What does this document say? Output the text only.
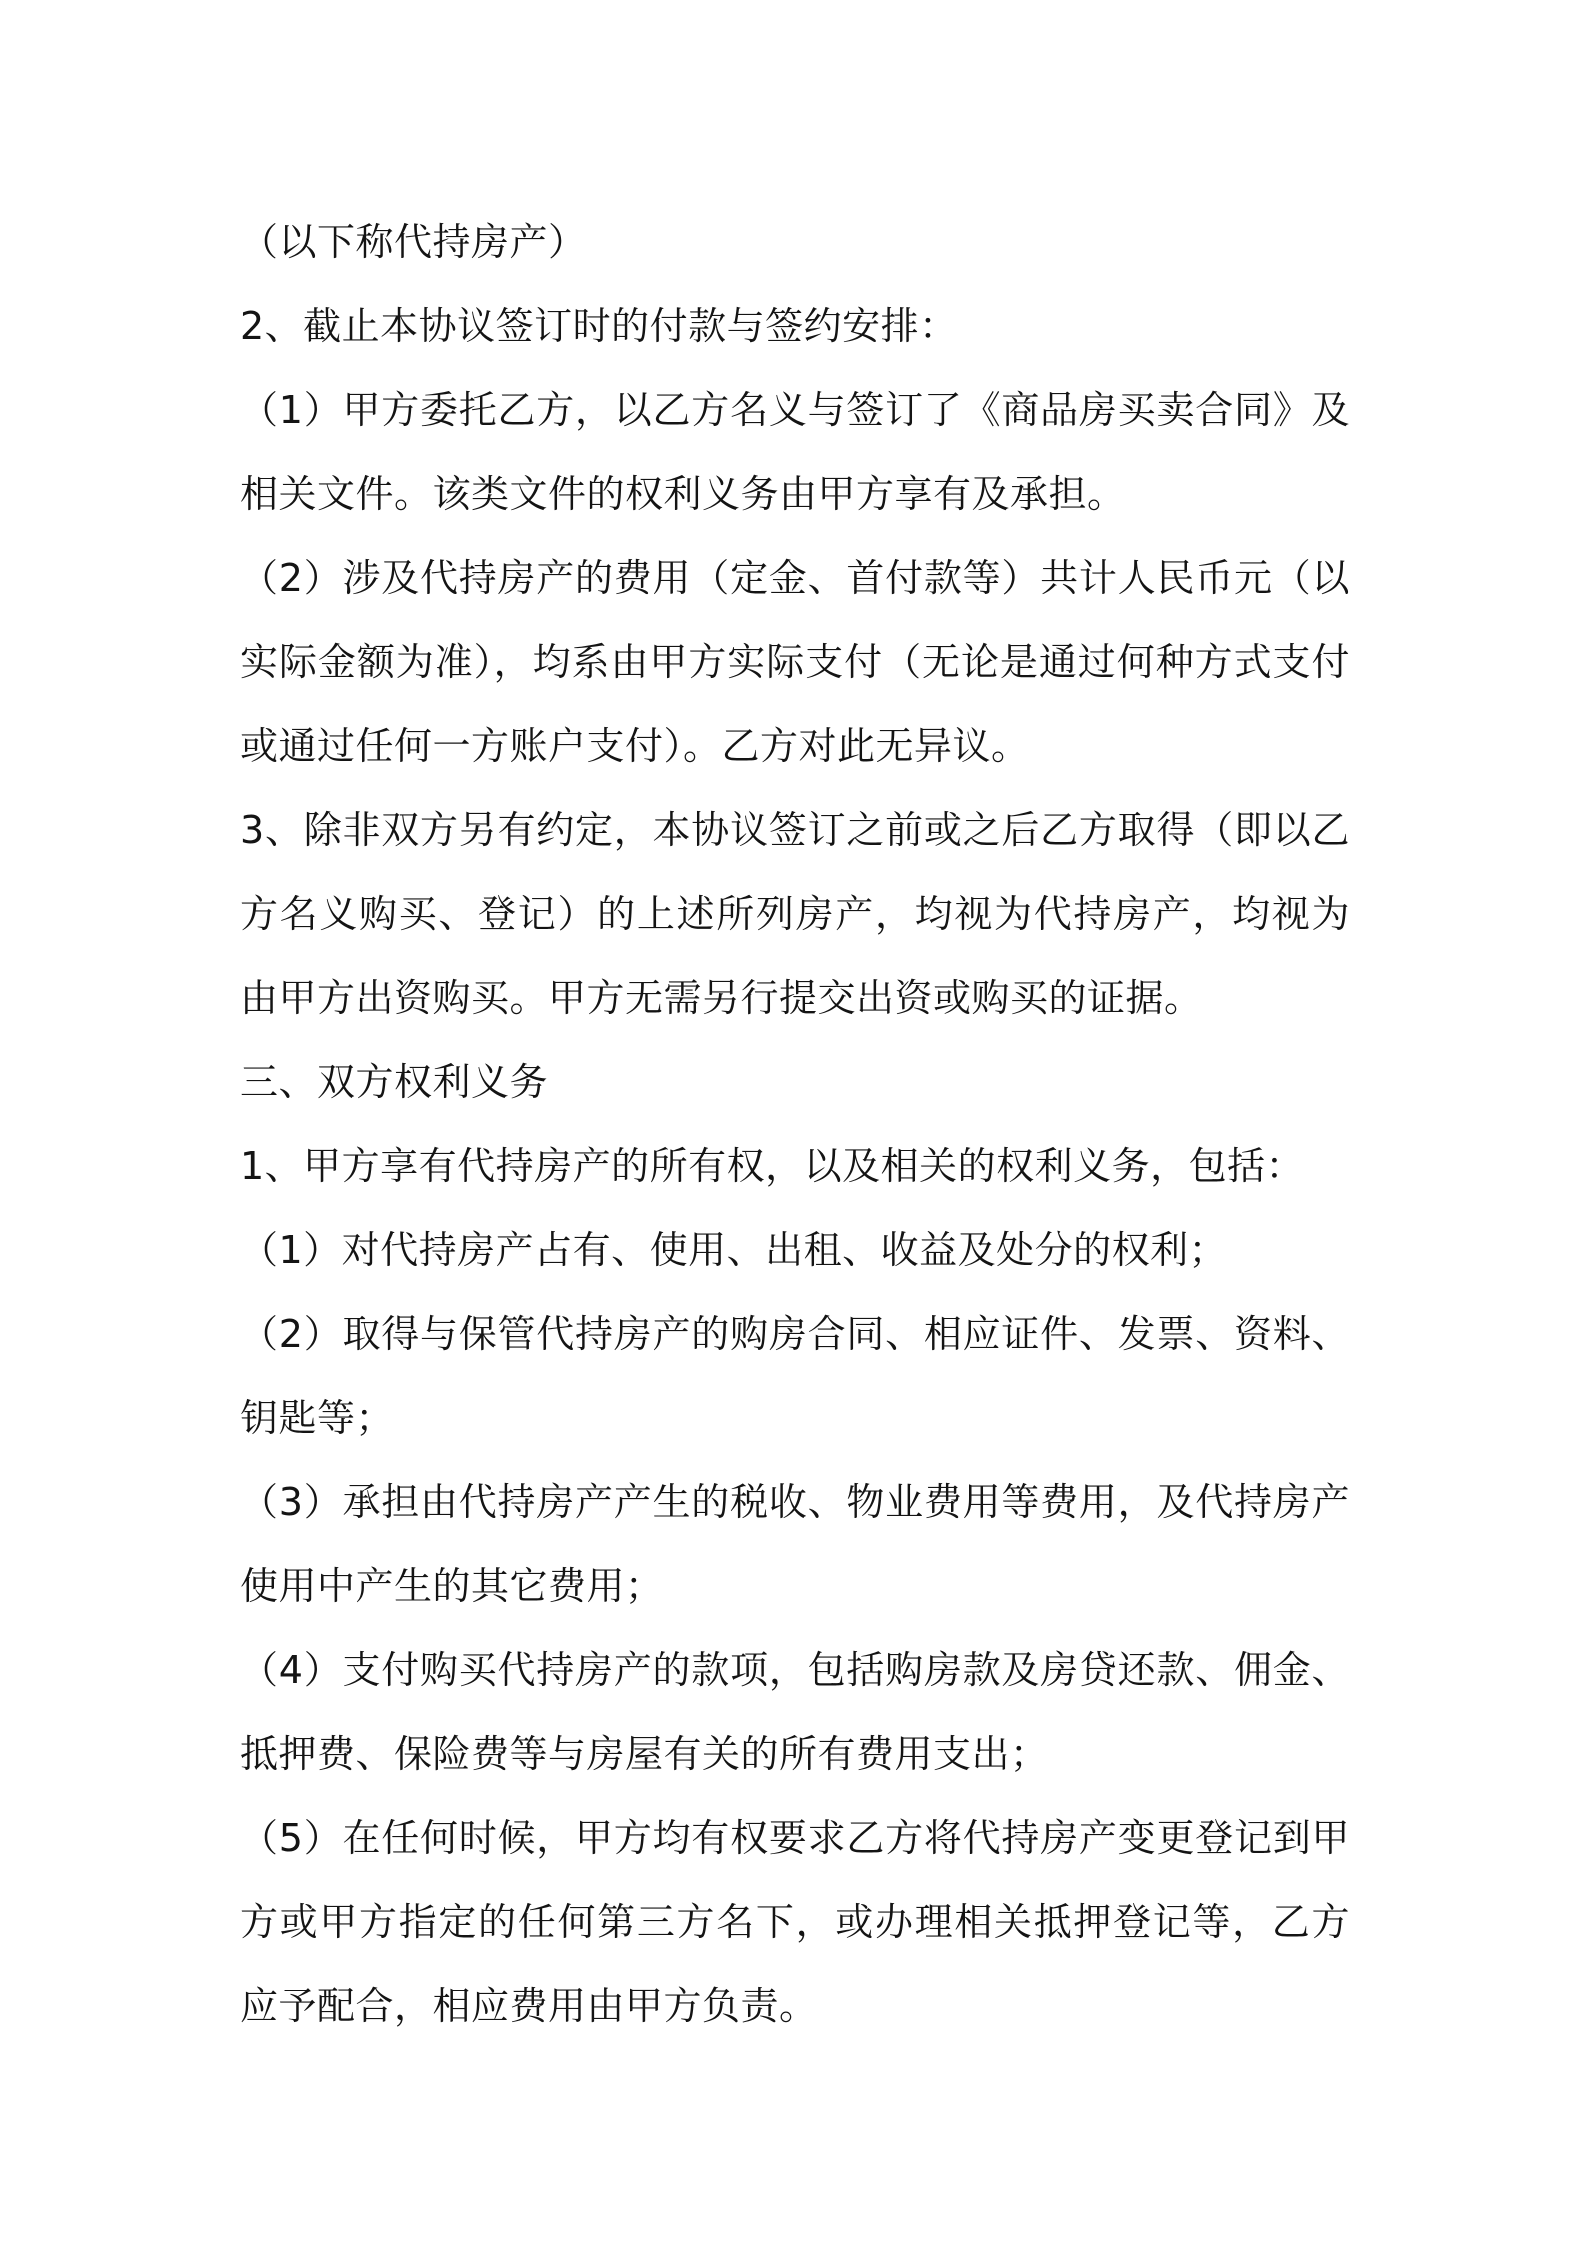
（以下称代持房产）

2、截止本协议签订时的付款与签约安排：

（1）甲方委托乙方，以乙方名义与签订了《商品房买卖合同》及相关文件。该类文件的权利义务由甲方享有及承担。

（2）涉及代持房产的费用（定金、首付款等）共计人民币元（以实际金额为准），均系由甲方实际支付（无论是通过何种方式支付或通过任何一方账户支付）。乙方对此无异议。

3、除非双方另有约定，本协议签订之前或之后乙方取得（即以乙方名义购买、登记）的上述所列房产，均视为代持房产，均视为由甲方出资购买。甲方无需另行提交出资或购买的证据。

三、双方权利义务

1、甲方享有代持房产的所有权，以及相关的权利义务，包括：

（1）对代持房产占有、使用、出租、收益及处分的权利；

（2）取得与保管代持房产的购房合同、相应证件、发票、资料、钥匙等；

（3）承担由代持房产产生的税收、物业费用等费用，及代持房产使用中产生的其它费用；

（4）支付购买代持房产的款项，包括购房款及房贷还款、佣金、抵押费、保险费等与房屋有关的所有费用支出；

（5）在任何时候，甲方均有权要求乙方将代持房产变更登记到甲方或甲方指定的任何第三方名下，或办理相关抵押登记等，乙方应予配合，相应费用由甲方负责。
